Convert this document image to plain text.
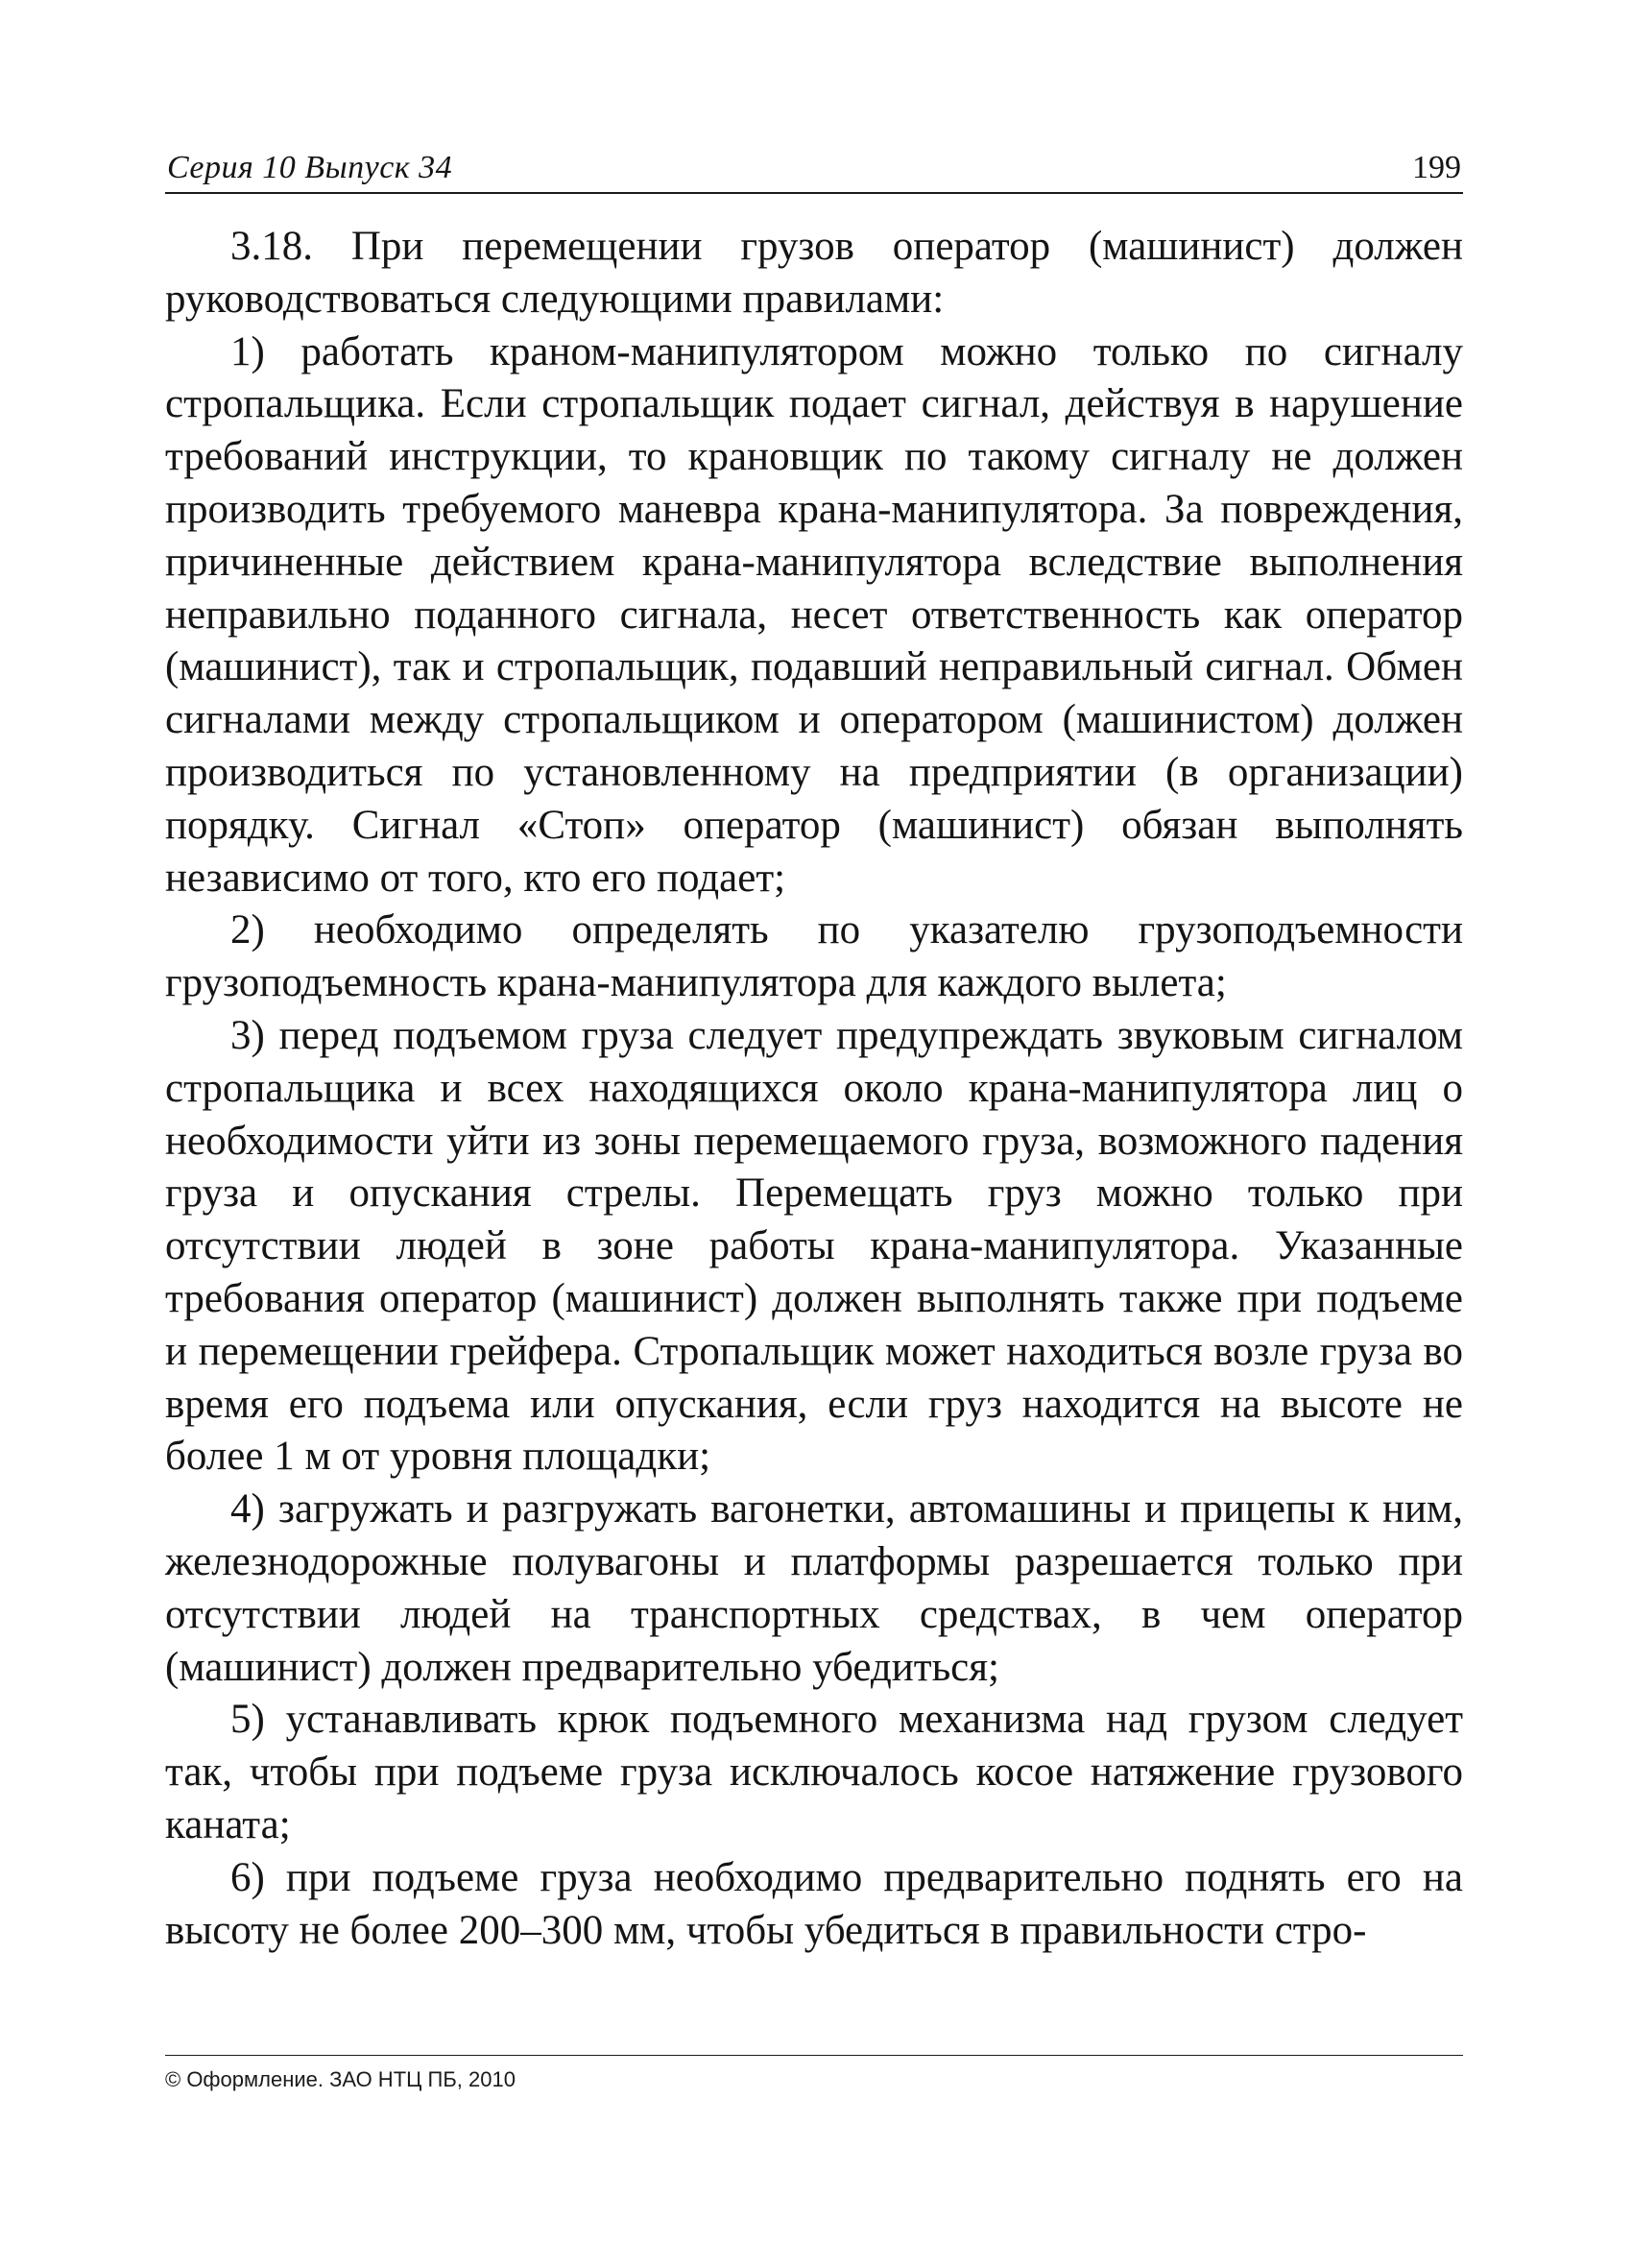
Серия 10 Выпуск 34	199

3.18. При перемещении грузов оператор (машинист) должен руководствоваться следующими правилами:

1) работать краном-манипулятором можно только по сигналу стропальщика. Если стропальщик подает сигнал, действуя в нарушение требований инструкции, то крановщик по такому сигналу не должен производить требуемого маневра крана-манипулятора. За повреждения, причиненные действием крана-манипулятора вследствие выполнения неправильно поданного сигнала, несет ответственность как оператор (машинист), так и стропальщик, подавший неправильный сигнал. Обмен сигналами между стропальщиком и оператором (машинистом) должен производиться по установленному на предприятии (в организации) порядку. Сигнал «Стоп» оператор (машинист) обязан выполнять независимо от того, кто его подает;

2) необходимо определять по указателю грузоподъемности грузоподъемность крана-манипулятора для каждого вылета;

3) перед подъемом груза следует предупреждать звуковым сигналом стропальщика и всех находящихся около крана-манипулятора лиц о необходимости уйти из зоны перемещаемого груза, возможного падения груза и опускания стрелы. Перемещать груз можно только при отсутствии людей в зоне работы крана-манипулятора. Указанные требования оператор (машинист) должен выполнять также при подъеме и перемещении грейфера. Стропальщик может находиться возле груза во время его подъема или опускания, если груз находится на высоте не более 1 м от уровня площадки;

4) загружать и разгружать вагонетки, автомашины и прицепы к ним, железнодорожные полувагоны и платформы разрешается только при отсутствии людей на транспортных средствах, в чем оператор (машинист) должен предварительно убедиться;

5) устанавливать крюк подъемного механизма над грузом следует так, чтобы при подъеме груза исключалось косое натяжение грузового каната;

6) при подъеме груза необходимо предварительно поднять его на высоту не более 200–300 мм, чтобы убедиться в правильности стро-

© Оформление. ЗАО НТЦ ПБ, 2010
